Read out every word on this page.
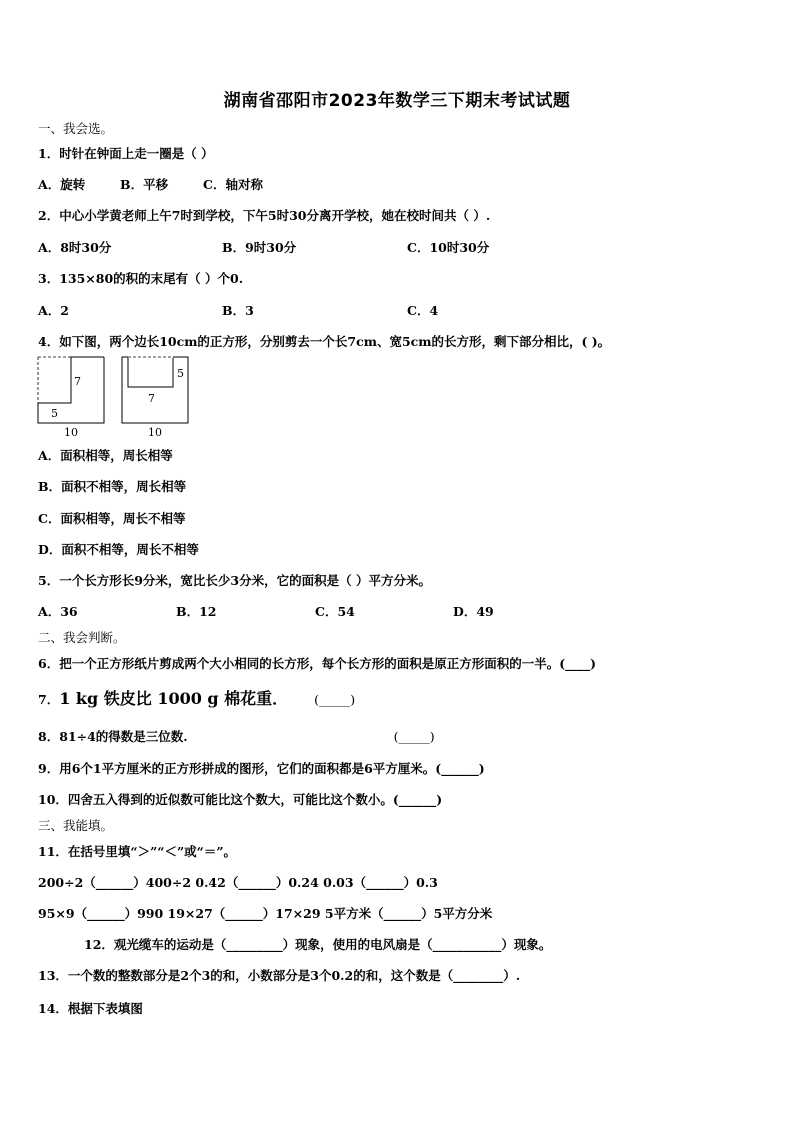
湖南省邵阳市2023年数学三下期末考试试题
一、我会选。
1．时针在钟面上走一圈是（ ）
A．旋转	B．平移	C．轴对称
2．中心小学黄老师上午7时到学校，下午5时30分离开学校，她在校时间共（ ）.
A．8时30分	B．9时30分	C．10时30分
3．135×80的积的末尾有（ ）个0.
A．2	B．3	C．4
4．如下图，两个边长10cm的正方形，分别剪去一个长7cm、宽5cm的长方形，剩下部分相比，( )。
7
5
10
5
7
10
A．面积相等，周长相等
B．面积不相等，周长相等
C．面积相等，周长不相等
D．面积不相等，周长不相等
5．一个长方形长9分米，宽比长少3分米，它的面积是（ ）平方分米。
A．36	B．12	C．54	D．49
二、我会判断。
6．把一个正方形纸片剪成两个大小相同的长方形，每个长方形的面积是原正方形面积的一半。(____)
7．1 kg 铁皮比 1000 g 棉花重． (_____)
8．81÷4的得数是三位数.	(_____)
9．用6个1平方厘米的正方形拼成的图形，它们的面积都是6平方厘米。(______)
10．四舍五入得到的近似数可能比这个数大，可能比这个数小。(______)
三、我能填。
11．在括号里填“＞”“＜”或“＝”。
200÷2（______）400÷2 0.42（______）0.24 0.03（______）0.3
95×9（______）990 19×27（______）17×29 5平方米（______）5平方分米
12．观光缆车的运动是（_________）现象，使用的电风扇是（___________）现象。
13．一个数的整数部分是2个3的和，小数部分是3个0.2的和，这个数是（________）.
14．根据下表填图
